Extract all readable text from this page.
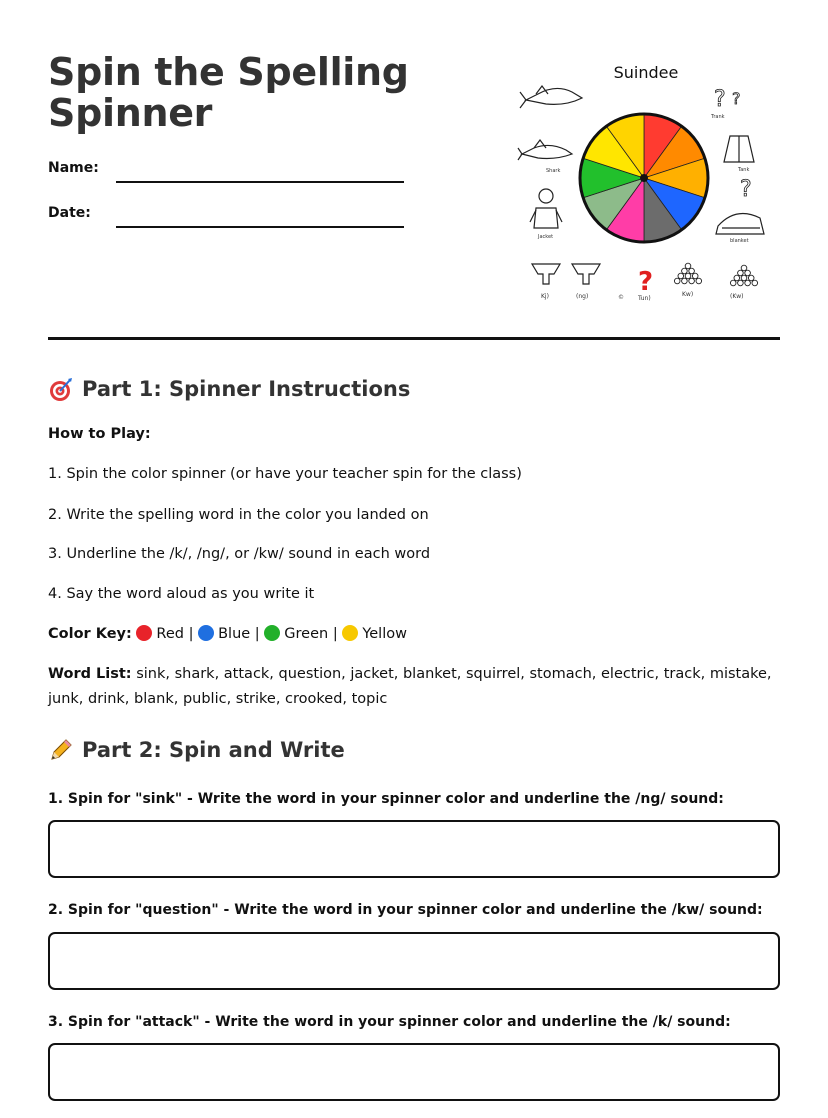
Spin the Spelling Spinner
Name:
Date:
Suindee
Shark
Jacket
? ?
Trank
Tank
?
blanket
Kj)	(ng) ?
© Tun)
Kw)	(Kw)
Part 1: Spinner Instructions
How to Play:
1. Spin the color spinner (or have your teacher spin for the class)
2. Write the spelling word in the color you landed on
3. Underline the /k/, /ng/, or /kw/ sound in each word
4. Say the word aloud as you write it
Color Key: Red | Blue | Green | Yellow
Word List: sink, shark, attack, question, jacket, blanket, squirrel, stomach, electric, track, mistake, junk, drink, blank, public, strike, crooked, topic
Part 2: Spin and Write
1. Spin for "sink" - Write the word in your spinner color and underline the /ng/ sound:
2. Spin for "question" - Write the word in your spinner color and underline the /kw/ sound:
3. Spin for "attack" - Write the word in your spinner color and underline the /k/ sound:
